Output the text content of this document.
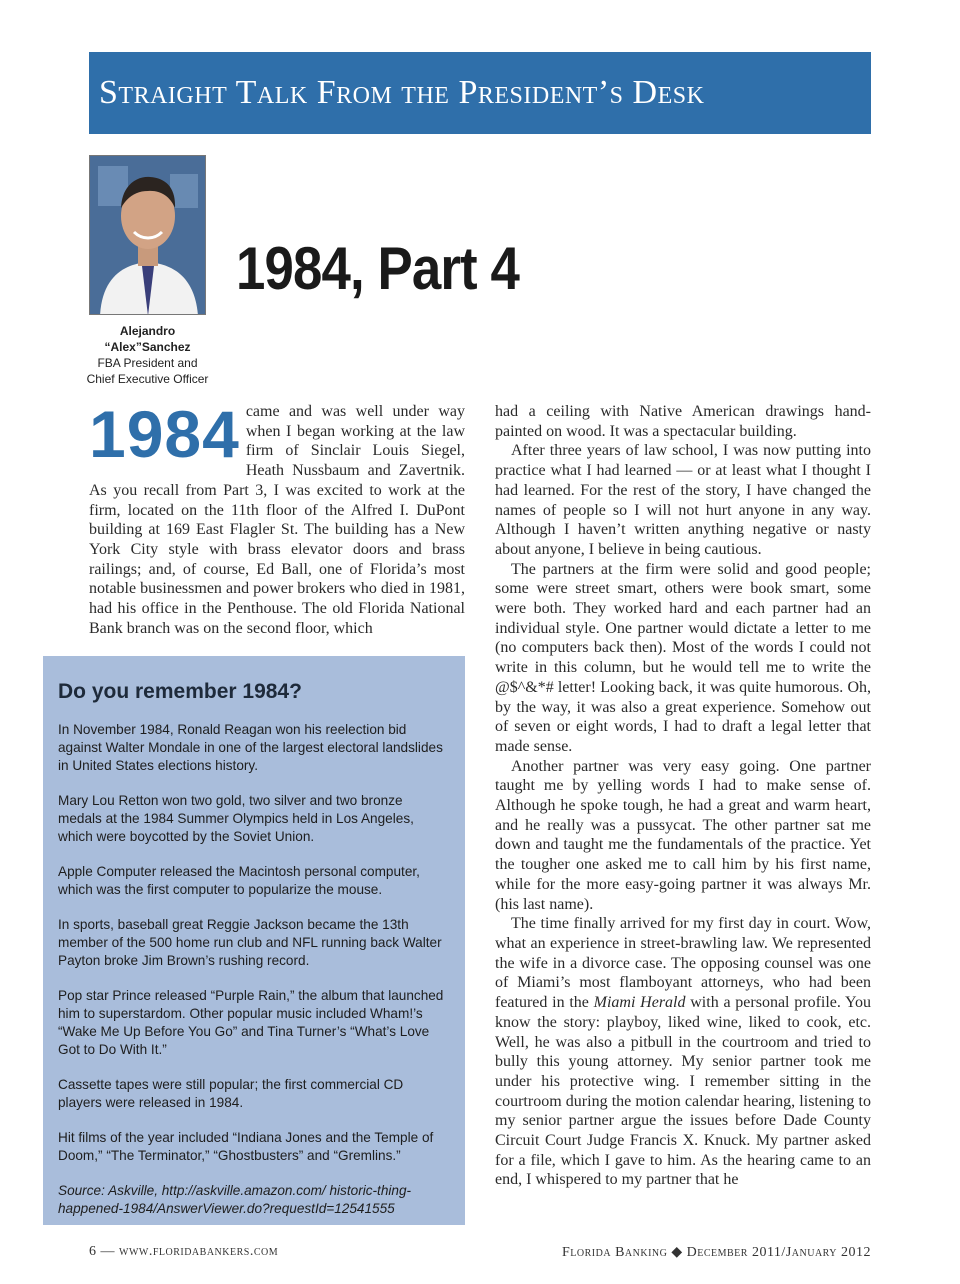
Straight Talk From the President’s Desk
Alejandro
“Alex”Sanchez
FBA President and
Chief Executive Officer
1984, Part 4

1984 came and was well under way when I began working at the law firm of Sinclair Louis Siegel, Heath Nussbaum and Zavertnik. As you recall from Part 3, I was excited to work at the firm, located on the 11th floor of the Alfred I. DuPont building at 169 East Flagler St. The building has a New York City style with brass elevator doors and brass railings; and, of course, Ed Ball, one of Florida’s most notable businessmen and power brokers who died in 1981, had his office in the Penthouse. The old Florida National Bank branch was on the second floor, which

had a ceiling with Native American drawings hand-painted on wood. It was a spectacular building.

After three years of law school, I was now putting into practice what I had learned — or at least what I thought I had learned. For the rest of the story, I have changed the names of people so I will not hurt anyone in any way. Although I haven’t written anything negative or nasty about anyone, I believe in being cautious.

The partners at the firm were solid and good people; some were street smart, others were book smart, some were both. They worked hard and each partner had an individual style. One partner would dictate a letter to me (no computers back then). Most of the words I could not write in this column, but he would tell me to write the @$^&*# letter! Looking back, it was quite humorous. Oh, by the way, it was also a great experience. Somehow out of seven or eight words, I had to draft a legal letter that made sense.

Another partner was very easy going. One partner taught me by yelling words I had to make sense of. Although he spoke tough, he had a great and warm heart, and he really was a pussycat. The other partner sat me down and taught me the fundamentals of the practice. Yet the tougher one asked me to call him by his first name, while for the more easy-going partner it was always Mr. (his last name).

The time finally arrived for my first day in court. Wow, what an experience in street-brawling law. We represented the wife in a divorce case. The opposing counsel was one of Miami’s most flamboyant attorneys, who had been featured in the Miami Herald with a personal profile. You know the story: playboy, liked wine, liked to cook, etc. Well, he was also a pitbull in the courtroom and tried to bully this young attorney. My senior partner took me under his protective wing. I remember sitting in the courtroom during the motion calendar hearing, listening to my senior partner argue the issues before Dade County Circuit Court Judge Francis X. Knuck. My partner asked for a file, which I gave to him. As the hearing came to an end, I whispered to my partner that he

Do you remember 1984?

In November 1984, Ronald Reagan won his reelection bid against Walter Mondale in one of the largest electoral landslides in United States elections history.

Mary Lou Retton won two gold, two silver and two bronze medals at the 1984 Summer Olympics held in Los Angeles, which were boycotted by the Soviet Union.

Apple Computer released the Macintosh personal computer, which was the first computer to popularize the mouse.

In sports, baseball great Reggie Jackson became the 13th member of the 500 home run club and NFL running back Walter Payton broke Jim Brown’s rushing record.

Pop star Prince released “Purple Rain,” the album that launched him to superstardom. Other popular music included Wham!’s “Wake Me Up Before You Go” and Tina Turner’s “What’s Love Got to Do With It.”

Cassette tapes were still popular; the first commercial CD players were released in 1984.

Hit films of the year included “Indiana Jones and the Temple of Doom,” “The Terminator,” “Ghostbusters” and “Gremlins.”

Source: Askville, http://askville.amazon.com/ historic-thing-happened-1984/AnswerViewer.do?requestId=12541555

6 — www.floridabankers.com	Florida Banking ◆ December 2011/January 2012
